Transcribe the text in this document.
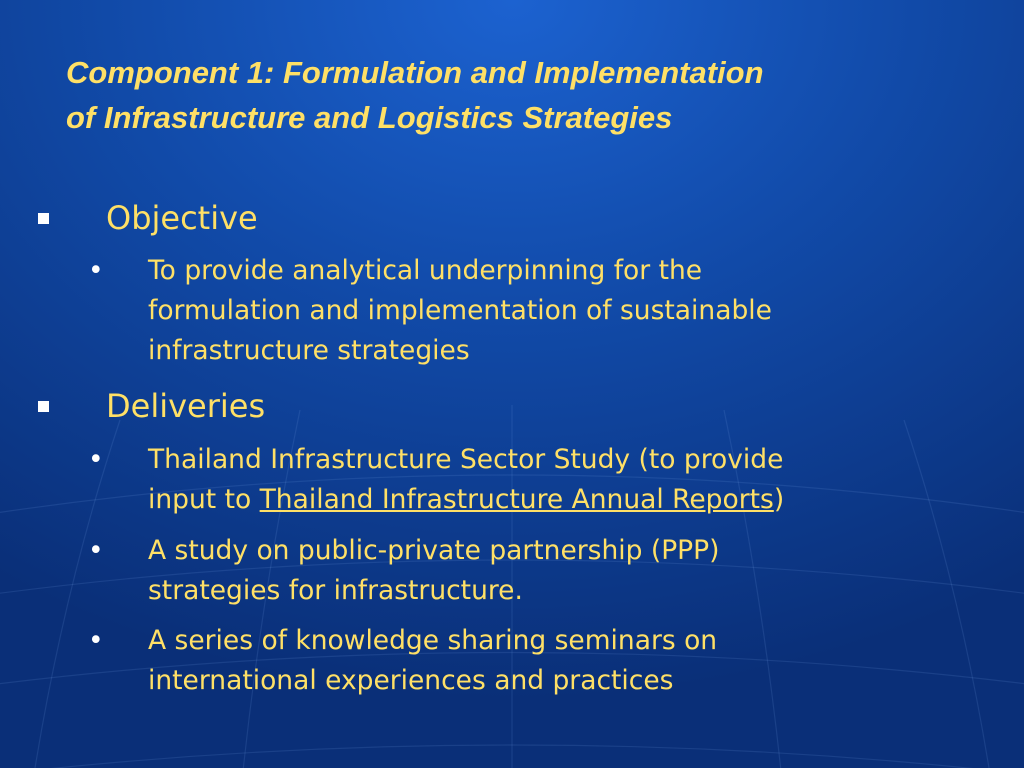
Component 1: Formulation and Implementation
of Infrastructure and Logistics Strategies
Objective
• To provide analytical underpinning for the
formulation and implementation of sustainable
infrastructure strategies
Deliveries
• Thailand Infrastructure Sector Study (to provide
input to Thailand Infrastructure Annual Reports)
• A study on public-private partnership (PPP)
strategies for infrastructure.
• A series of knowledge sharing seminars on
international experiences and practices
